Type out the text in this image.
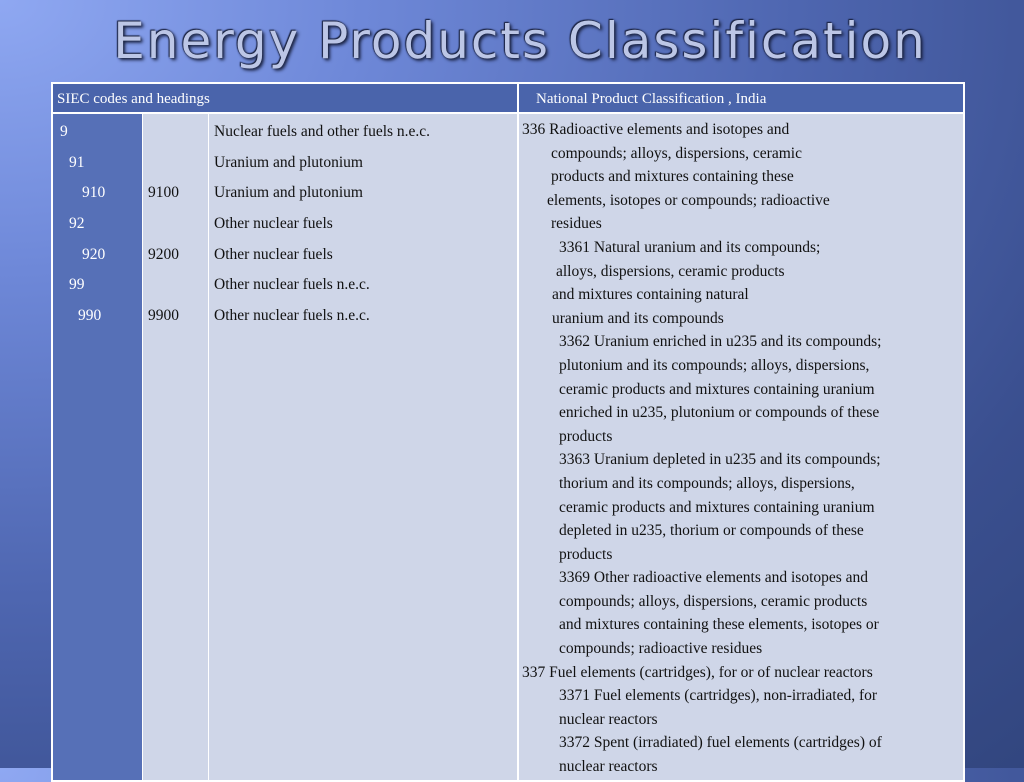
Energy Products Classification
SIEC codes and headings	National Product Classification , India
9
91
910
92
920
99
990
9100
9200
9900
Nuclear fuels and other fuels n.e.c.
Uranium and plutonium
Uranium and plutonium
Other nuclear fuels
Other nuclear fuels
Other nuclear fuels n.e.c.
Other nuclear fuels n.e.c.
336 Radioactive elements and isotopes and
compounds; alloys, dispersions, ceramic
products and mixtures containing these
elements, isotopes or compounds; radioactive
residues
3361 Natural uranium and its compounds;
alloys, dispersions, ceramic products
and mixtures containing natural
uranium and its compounds
3362 Uranium enriched in u235 and its compounds;
plutonium and its compounds; alloys, dispersions,
ceramic products and mixtures containing uranium
enriched in u235, plutonium or compounds of these
products
3363 Uranium depleted in u235 and its compounds;
thorium and its compounds; alloys, dispersions,
ceramic products and mixtures containing uranium
depleted in u235, thorium or compounds of these
products
3369 Other radioactive elements and isotopes and
compounds; alloys, dispersions, ceramic products
and mixtures containing these elements, isotopes or
compounds; radioactive residues
337 Fuel elements (cartridges), for or of nuclear reactors
3371 Fuel elements (cartridges), non-irradiated, for
nuclear reactors
3372 Spent (irradiated) fuel elements (cartridges) of
nuclear reactors
